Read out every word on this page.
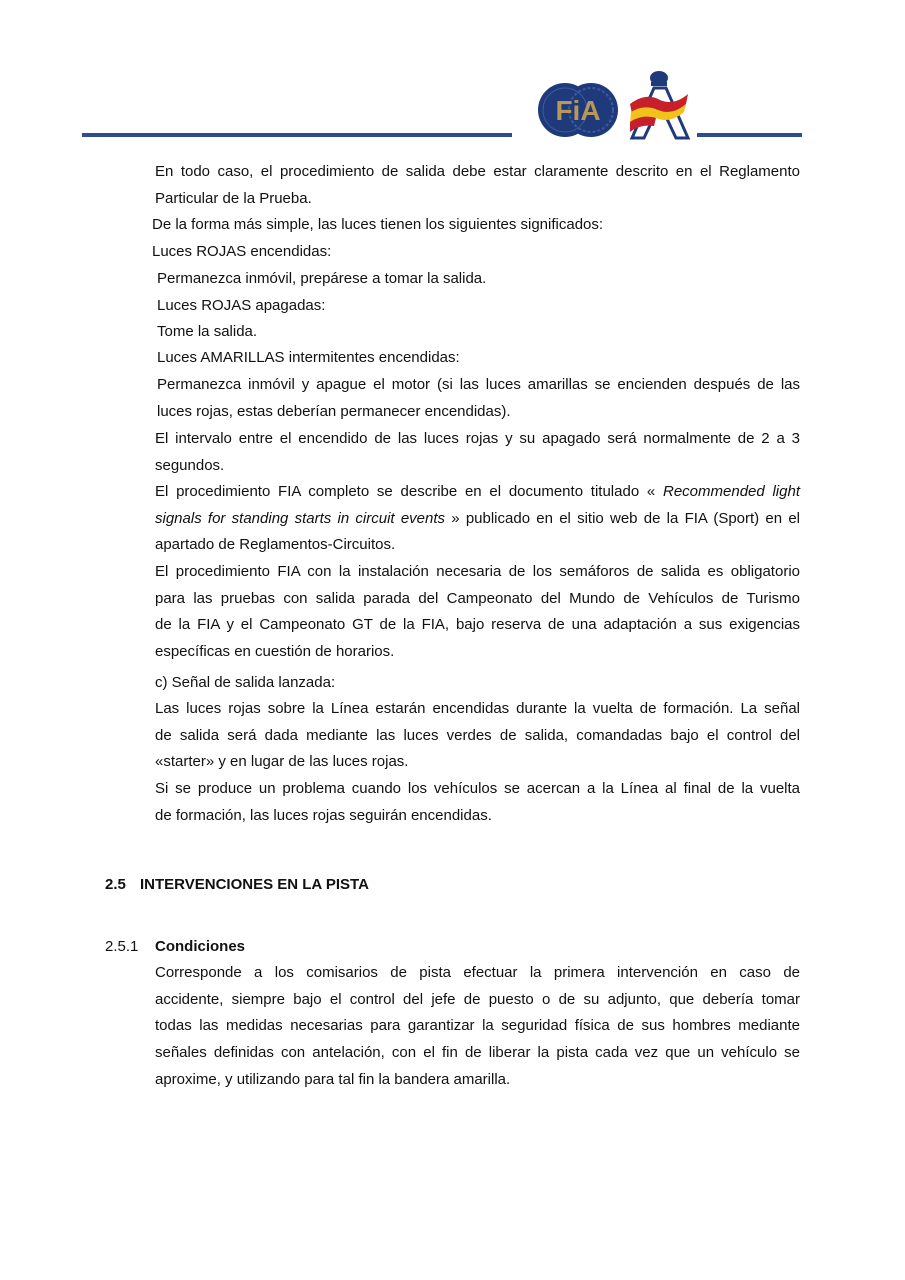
FiA
En todo caso, el procedimiento de salida debe estar claramente descrito en el Reglamento
Particular de la Prueba.
De la forma más simple, las luces tienen los siguientes significados:
Luces ROJAS encendidas:
Permanezca inmóvil, prepárese a tomar la salida.
Luces ROJAS apagadas:
Tome la salida.
Luces AMARILLAS intermitentes encendidas:
Permanezca inmóvil y apague el motor (si las luces amarillas se encienden después de las
luces rojas, estas deberían permanecer encendidas).
El intervalo entre el encendido de las luces rojas y su apagado será normalmente de 2 a 3
segundos.
El procedimiento FIA completo se describe en el documento titulado « Recommended light
signals for standing starts in circuit events » publicado en el sitio web de la FIA (Sport) en el
apartado de Reglamentos-Circuitos.
El procedimiento FIA con la instalación necesaria de los semáforos de salida es obligatorio
para las pruebas con salida parada del Campeonato del Mundo de Vehículos de Turismo
de la FIA y el Campeonato GT de la FIA, bajo reserva de una adaptación a sus exigencias
específicas en cuestión de horarios.
c) Señal de salida lanzada:
Las luces rojas sobre la Línea estarán encendidas durante la vuelta de formación. La señal
de salida será dada mediante las luces verdes de salida, comandadas bajo el control del
«starter» y en lugar de las luces rojas.
Si se produce un problema cuando los vehículos se acercan a la Línea al final de la vuelta
de formación, las luces rojas seguirán encendidas.
2.5 INTERVENCIONES EN LA PISTA
2.5.1 Condiciones
Corresponde a los comisarios de pista efectuar la primera intervención en caso de
accidente, siempre bajo el control del jefe de puesto o de su adjunto, que debería tomar
todas las medidas necesarias para garantizar la seguridad física de sus hombres mediante
señales definidas con antelación, con el fin de liberar la pista cada vez que un vehículo se
aproxime, y utilizando para tal fin la bandera amarilla.
